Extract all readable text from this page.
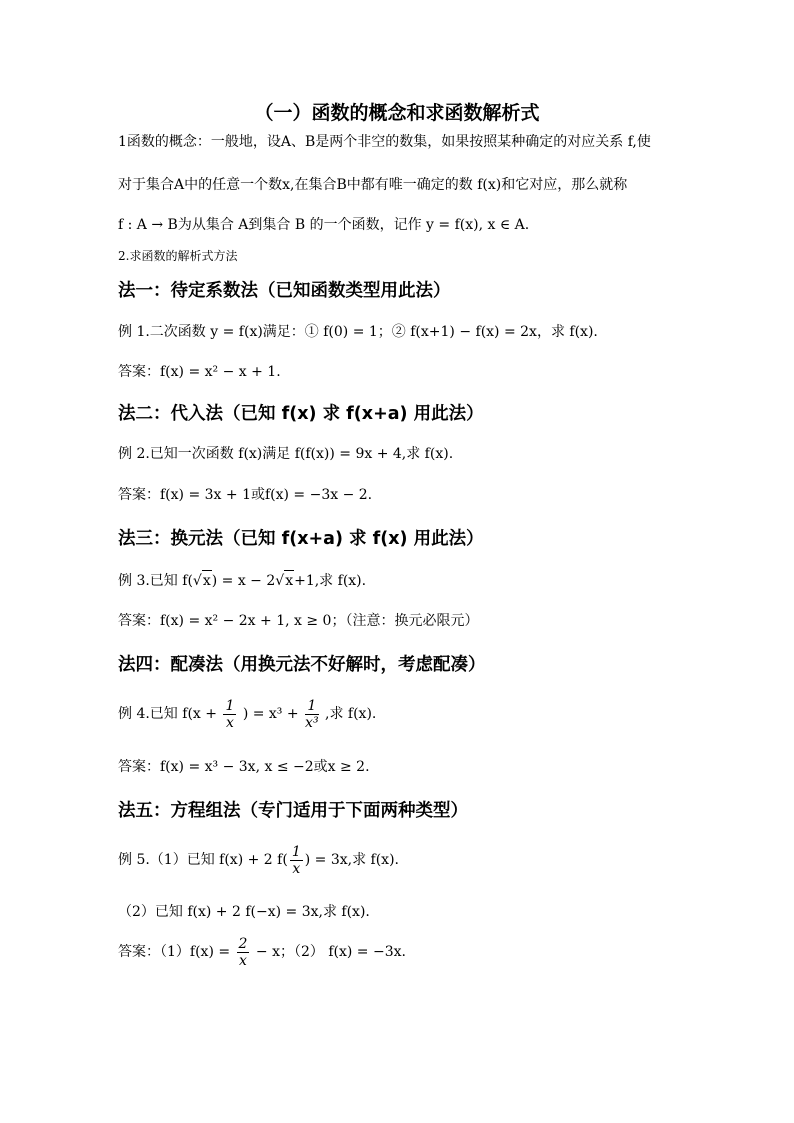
（一）函数的概念和求函数解析式
1函数的概念：一般地，设A、B是两个非空的数集，如果按照某种确定的对应关系 f,使
对于集合A中的任意一个数x,在集合B中都有唯一确定的数 f(x)和它对应，那么就称
f : A → B为从集合 A到集合 B 的一个函数，记作 y = f(x), x ∈ A.
2.求函数的解析式方法
法一：待定系数法（已知函数类型用此法）
例 1.二次函数 y = f(x)满足：① f(0) = 1；② f(x+1) − f(x) = 2x，求 f(x).
答案：f(x) = x² − x + 1.
法二：代入法（已知 f(x) 求 f(x+a) 用此法）
例 2.已知一次函数 f(x)满足 f(f(x)) = 9x + 4,求 f(x).
答案：f(x) = 3x + 1或f(x) = −3x − 2.
法三：换元法（已知 f(x+a) 求 f(x) 用此法）
例 3.已知 f(√x) = x − 2√x+1,求 f(x).
答案：f(x) = x² − 2x + 1, x ≥ 0；（注意：换元必限元）
法四：配凑法（用换元法不好解时，考虑配凑）
例 4.已知 $f(x + \frac{1}{x}$ ) = $x^3 + \frac{1}{\text{x³}}$ ,求 f(x).
答案：f(x) = x³ − 3x, x ≤ −2或x ≥ 2.
法五：方程组法（专门适用于下面两种类型）
例 5.（1）已知 f(x) + 2 $f( \frac{1}{x}$ ) = 3x,求 f(x).
（2）已知 f(x) + 2 f(−x) = 3x,求 f(x).
答案：$(1)f(x) = \frac{2}{x} - x$；（2） f(x) = −3x.
